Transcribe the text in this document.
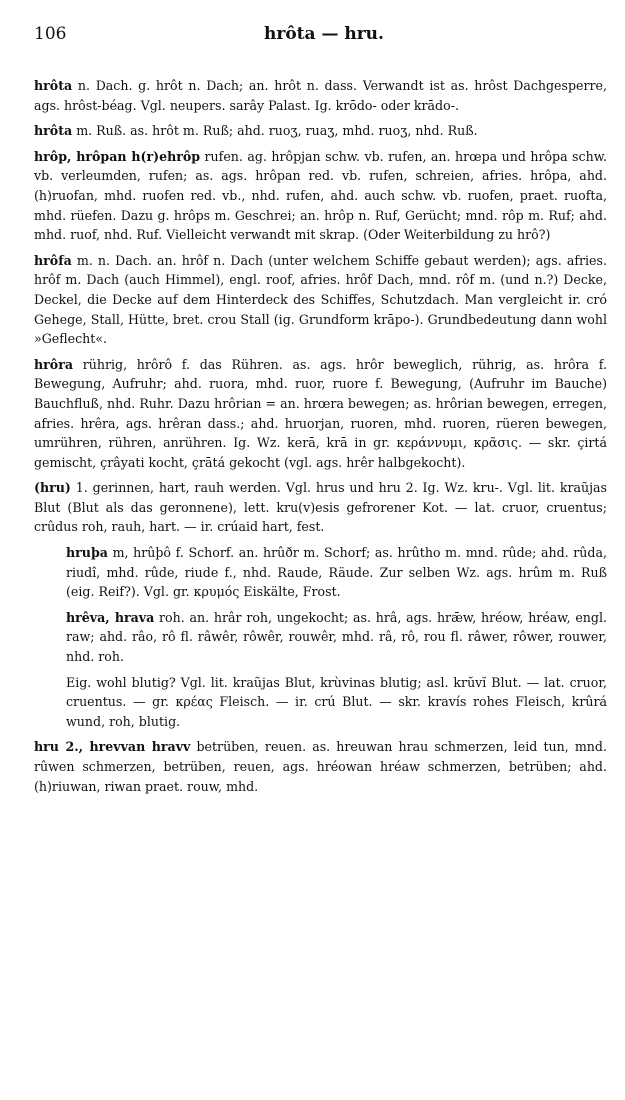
106	hrôta — hru.
hrôta n. Dach. g. hrôt n. Dach; an. hrôt n. dass. Verwandt ist as. hrôst Dachgesperre, ags. hrôst-béag. Vgl. neupers. sarây Palast. Ig. krōdo- oder krādo-.
hrôta m. Ruß. as. hrôt m. Ruß; ahd. ruoʒ, ruaʒ, mhd. ruoʒ, nhd. Ruß.
hrôp, hrôpan h(r)ehrôp rufen. ag. hrôpjan schw. vb. rufen, an. hrœpa und hrôpa schw. vb. verleumden, rufen; as. ags. hrôpan red. vb. rufen, schreien, afries. hrôpa, ahd. (h)ruofan, mhd. ruofen red. vb., nhd. rufen, ahd. auch schw. vb. ruofen, praet. ruofta, mhd. rüefen. Dazu g. hrôps m. Geschrei; an. hrôp n. Ruf, Gerücht; mnd. rôp m. Ruf; ahd. mhd. ruof, nhd. Ruf. Vielleicht verwandt mit skrap. (Oder Weiterbildung zu hrô?)
hrôfa m. n. Dach. an. hrôf n. Dach (unter welchem Schiffe gebaut werden); ags. afries. hrôf m. Dach (auch Himmel), engl. roof, afries. hrôf Dach, mnd. rôf m. (und n.?) Decke, Deckel, die Decke auf dem Hinterdeck des Schiffes, Schutzdach. Man vergleicht ir. cró Gehege, Stall, Hütte, bret. crou Stall (ig. Grundform krāpo-). Grundbedeutung dann wohl »Geflecht«.
hrôra rührig, hrôrô f. das Rühren. as. ags. hrôr beweglich, rührig, as. hrôra f. Bewegung, Aufruhr; ahd. ruora, mhd. ruor, ruore f. Bewegung, (Aufruhr im Bauche) Bauchfluß, nhd. Ruhr. Dazu hrôrian = an. hrœra bewegen; as. hrôrian bewegen, erregen, afries. hrêra, ags. hrêran dass.; ahd. hruorjan, ruoren, mhd. ruoren, rüeren bewegen, umrühren, rühren, anrühren. Ig. Wz. kerā, krā in gr. κεράννυμι, κρᾶσις. — skr. çirtá gemischt, çrâyati kocht, çrātá gekocht (vgl. ags. hrêr halbgekocht).
(hru) 1. gerinnen, hart, rauh werden. Vgl. hrus und hru 2. Ig. Wz. kru-. Vgl. lit. kraũjas Blut (Blut als das geronnene), lett. kru(v)esis gefrorener Kot. — lat. cruor, cruentus; crûdus roh, rauh, hart. — ir. crúaid hart, fest.
hruþa m, hrûþô f. Schorf. an. hrûðr m. Schorf; as. hrûtho m. mnd. rûde; ahd. rûda, riudî, mhd. rûde, riude f., nhd. Raude, Räude. Zur selben Wz. ags. hrûm m. Ruß (eig. Reif?). Vgl. gr. κρυμός Eiskälte, Frost.
hrêva, hrava roh. an. hrâr roh, ungekocht; as. hrâ, ags. hrǣw, hréow, hréaw, engl. raw; ahd. râo, rô fl. râwêr, rôwêr, rouwêr, mhd. râ, rô, rou fl. râwer, rôwer, rouwer, nhd. roh.
Eig. wohl blutig? Vgl. lit. kraũjas Blut, krùvinas blutig; asl. krŭvĭ Blut. — lat. cruor, cruentus. — gr. κρέας Fleisch. — ir. crú Blut. — skr. kravís rohes Fleisch, krûrá wund, roh, blutig.
hru 2., hrevvan hravv betrüben, reuen. as. hreuwan hrau schmerzen, leid tun, mnd. rûwen schmerzen, betrüben, reuen, ags. hréowan hréaw schmerzen, betrüben; ahd. (h)riuwan, riwan praet. rouw, mhd.
